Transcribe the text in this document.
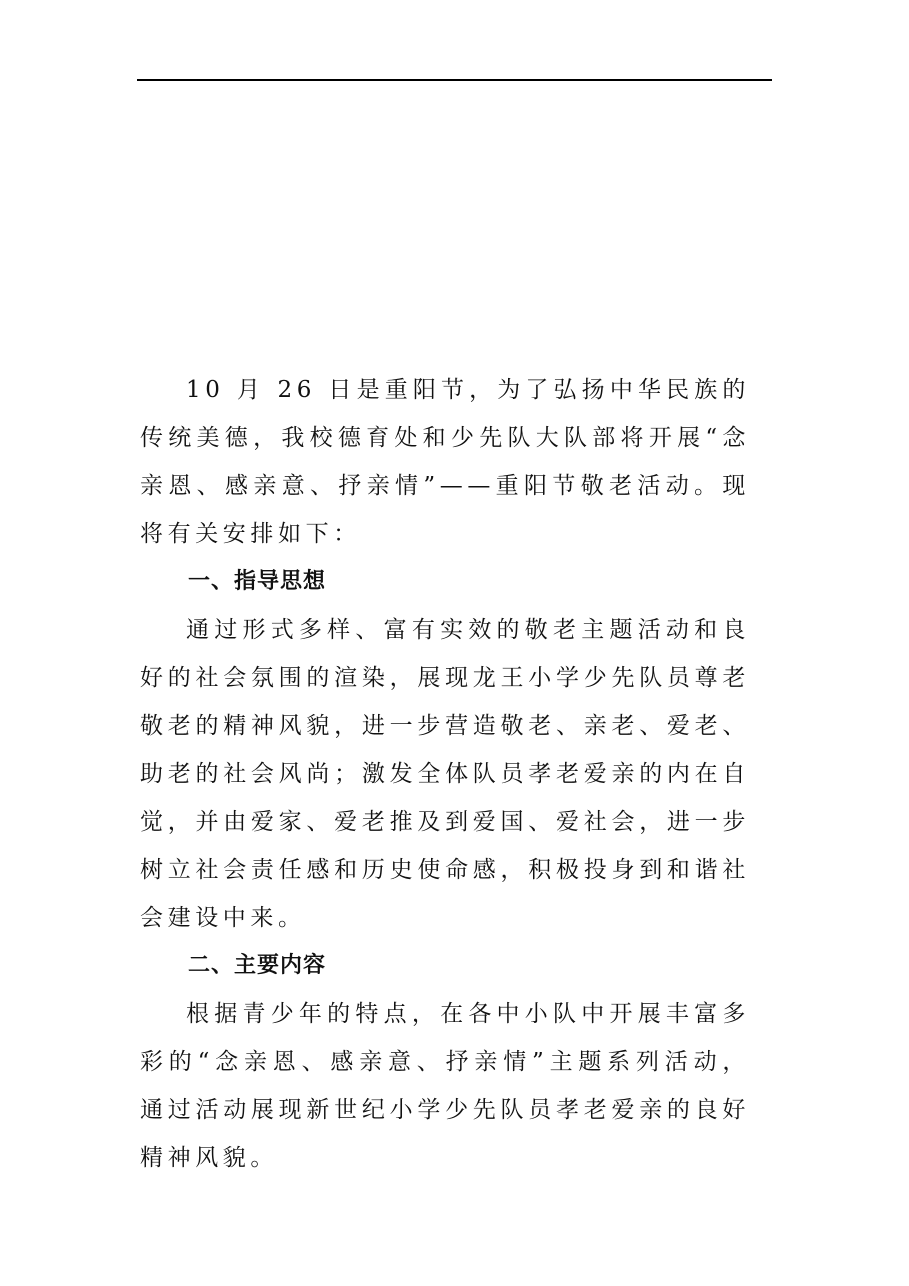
10 月 26 日是重阳节，为了弘扬中华民族的传统美德，我校德育处和少先队大队部将开展“念亲恩、感亲意、抒亲情”——重阳节敬老活动。现将有关安排如下：

一、指导思想

通过形式多样、富有实效的敬老主题活动和良好的社会氛围的渲染，展现龙王小学少先队员尊老敬老的精神风貌，进一步营造敬老、亲老、爱老、助老的社会风尚；激发全体队员孝老爱亲的内在自觉，并由爱家、爱老推及到爱国、爱社会，进一步树立社会责任感和历史使命感，积极投身到和谐社会建设中来。

二、主要内容

根据青少年的特点，在各中小队中开展丰富多彩的“念亲恩、感亲意、抒亲情”主题系列活动，通过活动展现新世纪小学少先队员孝老爱亲的良好精神风貌。
